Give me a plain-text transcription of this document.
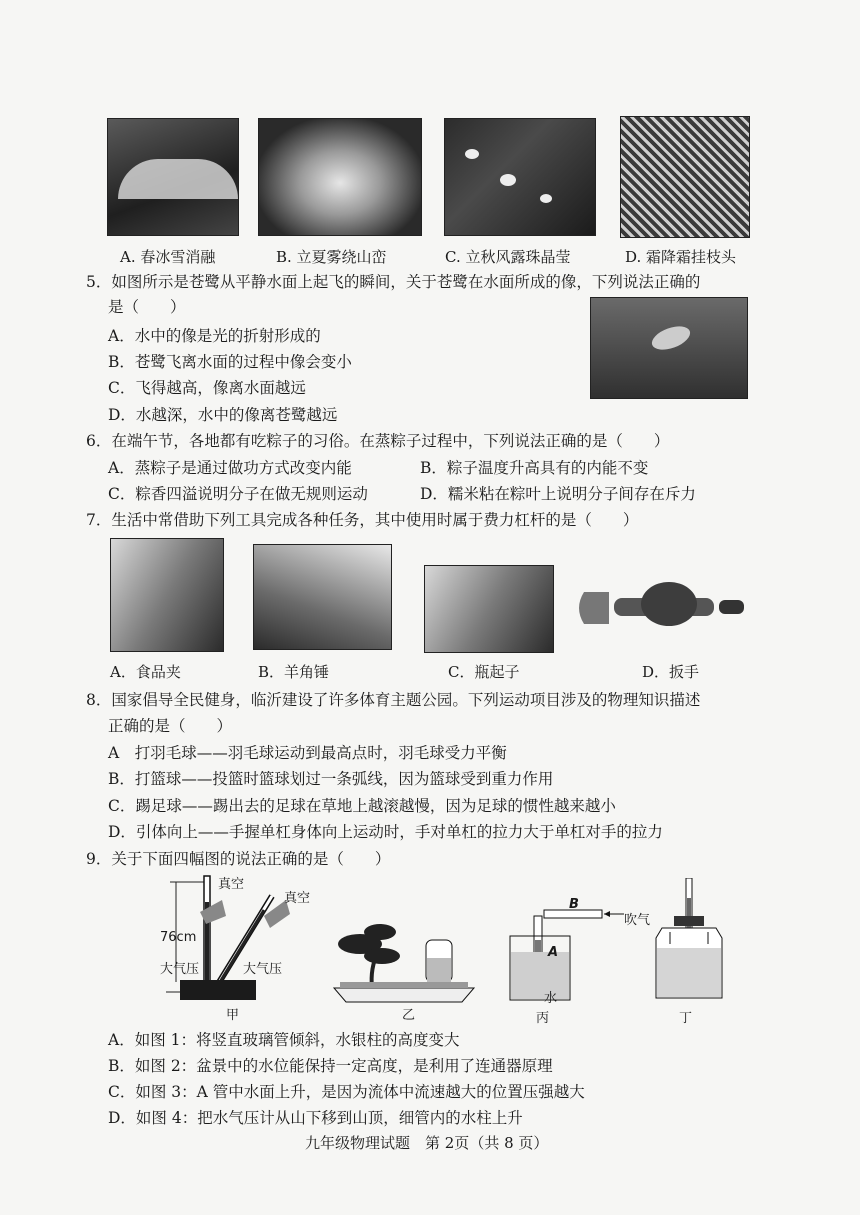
A. 春冰雪消融	B. 立夏雾绕山峦	C. 立秋风露珠晶莹	D. 霜降霜挂枝头
5．如图所示是苍鹭从平静水面上起飞的瞬间，关于苍鹭在水面所成的像，下列说法正确的
是（　　）
A．水中的像是光的折射形成的
B．苍鹭飞离水面的过程中像会变小
C．飞得越高，像离水面越远
D．水越深，水中的像离苍鹭越远
6．在端午节，各地都有吃粽子的习俗。在蒸粽子过程中，下列说法正确的是（　　）
A．蒸粽子是通过做功方式改变内能	B．粽子温度升高具有的内能不变
C．粽香四溢说明分子在做无规则运动	D．糯米粘在粽叶上说明分子间存在斥力
7．生活中常借助下列工具完成各种任务，其中使用时属于费力杠杆的是（　　）
A．食品夹	B．羊角锤	C．瓶起子	D．扳手
8．国家倡导全民健身，临沂建设了许多体育主题公园。下列运动项目涉及的物理知识描述
正确的是（　　）
A　打羽毛球——羽毛球运动到最高点时，羽毛球受力平衡
B．打篮球——投篮时篮球划过一条弧线，因为篮球受到重力作用
C．踢足球——踢出去的足球在草地上越滚越慢，因为足球的惯性越来越小
D．引体向上——手握单杠身体向上运动时，手对单杠的拉力大于单杠对手的拉力
9．关于下面四幅图的说法正确的是（　　）
真空
真空
76cm
大气压	大气压
甲	乙
B
吹气
A
水
丙	丁
A．如图 1：将竖直玻璃管倾斜，水银柱的高度变大
B．如图 2：盆景中的水位能保持一定高度，是利用了连通器原理
C．如图 3：A 管中水面上升，是因为流体中流速越大的位置压强越大
D．如图 4：把水气压计从山下移到山顶，细管内的水柱上升
九年级物理试题　第 2页（共 8 页）
